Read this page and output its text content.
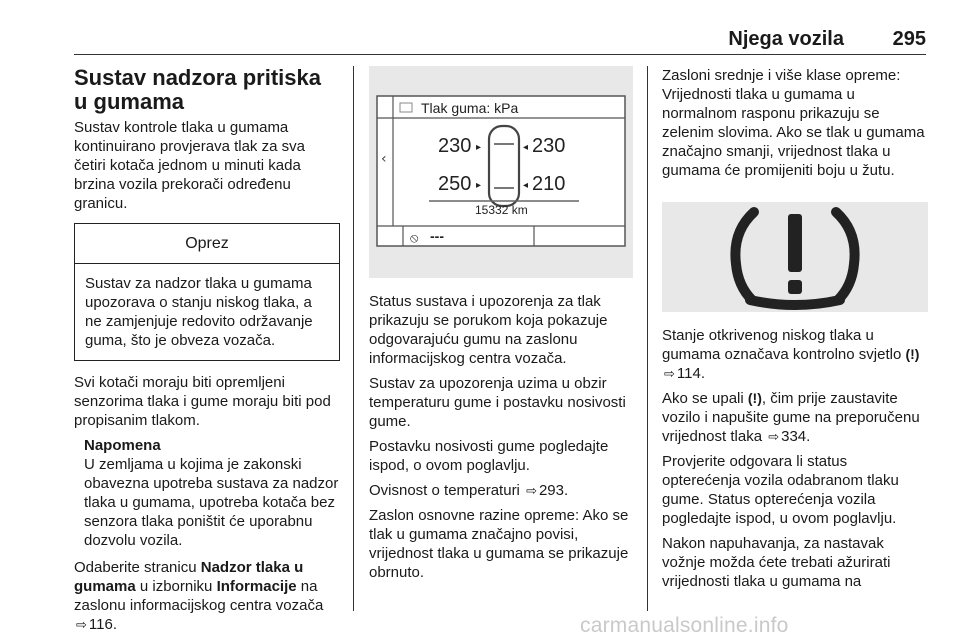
Njega vozila 295
Sustav nadzora pritiska u gumama

Sustav kontrole tlaka u gumama kontinuirano provjerava tlak za sva četiri kotača jednom u minuti kada brzina vozila prekorači određenu granicu.

Oprez
Sustav za nadzor tlaka u gumama upozorava o stanju niskog tlaka, a ne zamjenjuje redovito održavanje guma, što je obveza vozača.

Svi kotači moraju biti opremljeni senzorima tlaka i gume moraju biti pod propisanim tlakom.

Napomena
U zemljama u kojima je zakonski obavezna upotreba sustava za nadzor tlaka u gumama, upotreba kotača bez senzora tlaka poništit će uporabnu dozvolu vozila.

Odaberite stranicu Nadzor tlaka u gumama u izborniku Informacije na zaslonu informacijskog centra vozača ⇨ 116.

‹
Tlak guma: kPa
230 ▸	◂ 230
250 ▸	◂ 210
15332 km
⦸ ---

Status sustava i upozorenja za tlak prikazuju se porukom koja pokazuje odgovarajuću gumu na zaslonu informacijskog centra vozača.

Sustav za upozorenja uzima u obzir temperaturu gume i postavku nosivosti gume.

Postavku nosivosti gume pogledajte ispod, o ovom poglavlju.

Ovisnost o temperaturi ⇨ 293.

Zaslon osnovne razine opreme: Ako se tlak u gumama značajno povisi, vrijednost tlaka u gumama se prikazuje obrnuto.

Zasloni srednje i više klase opreme: Vrijednosti tlaka u gumama u normalnom rasponu prikazuju se zelenim slovima. Ako se tlak u gumama značajno smanji, vrijednost tlaka u gumama će promijeniti boju u žutu.

Stanje otkrivenog niskog tlaka u gumama označava kontrolno svjetlo (!) ⇨ 114.

Ako se upali (!), čim prije zaustavite vozilo i napušite gume na preporučenu vrijednost tlaka ⇨ 334.

Provjerite odgovara li status opterećenja vozila odabranom tlaku gume. Status opterećenja vozila pogledajte ispod, u ovom poglavlju.

Nakon napuhavanja, za nastavak vožnje možda ćete trebati ažurirati vrijednosti tlaka u gumama na

carmanualsonline.info
